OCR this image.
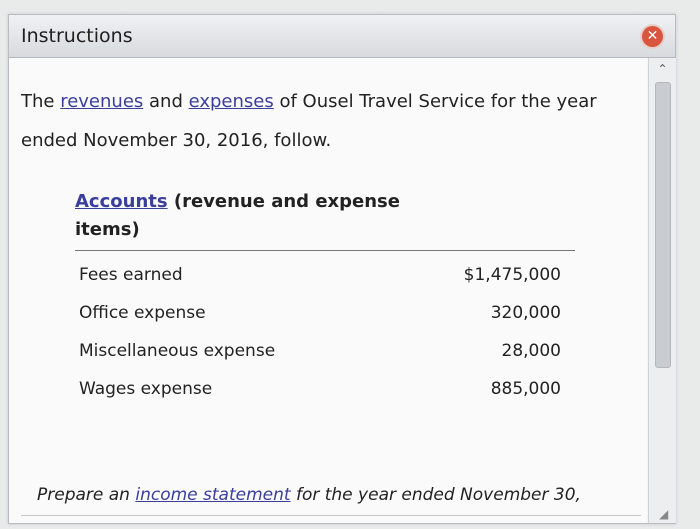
Instructions	✕
The revenues and expenses of Ousel Travel Service for the year ended November 30, 2016, follow.
Accounts (revenue and expense items)
Fees earned	$1,475,000
Office expense	320,000
Miscellaneous expense	28,000
Wages expense	885,000
Prepare an income statement for the year ended November 30,
⌃
◢
